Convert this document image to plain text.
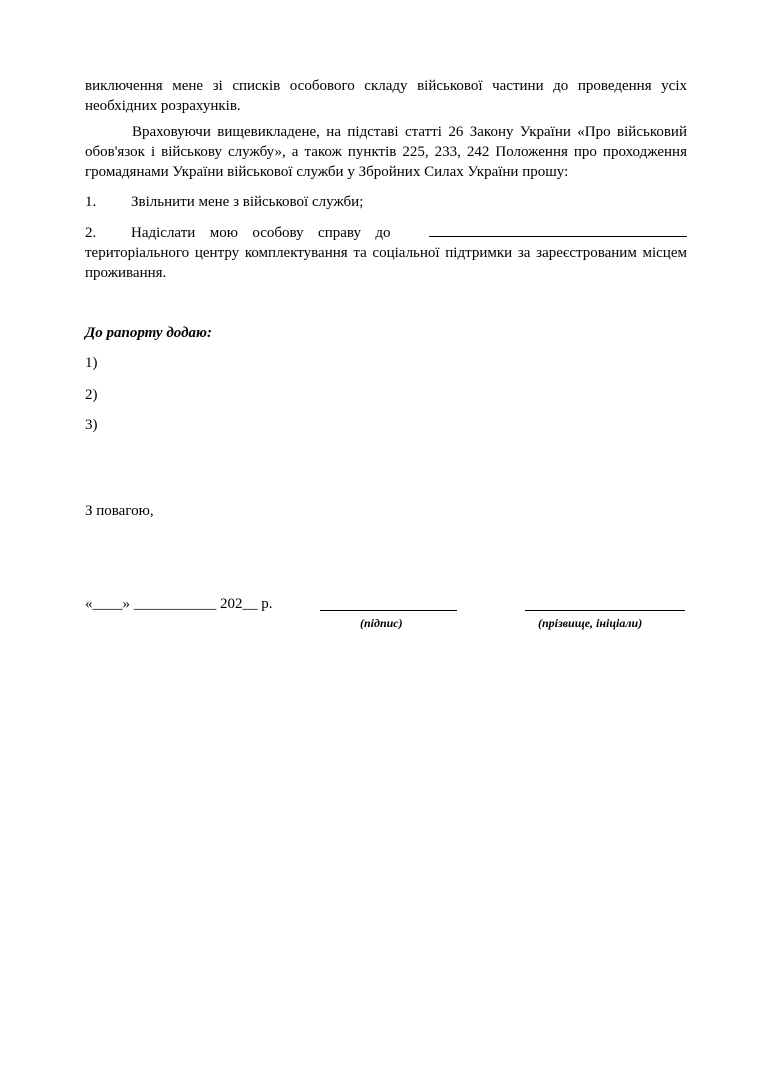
виключення мене зі списків особового складу військової частини до проведення усіх необхідних розрахунків.

Враховуючи вищевикладене, на підставі статті 26 Закону України «Про військовий обов'язок і військову службу», а також пунктів 225, 233, 242 Положення про проходження громадянами України військової служби у Збройних Силах України прошу:

1. Звільнити мене з військової служби;

2. Надіслати мою особову справу до  територіального центру комплектування та соціальної підтримки за зареєстрованим місцем проживання.

До рапорту додаю:

1)

2)

3)

З повагою,

«____» ___________ 202__ р.
(підпис)	(прізвище, ініціали)
